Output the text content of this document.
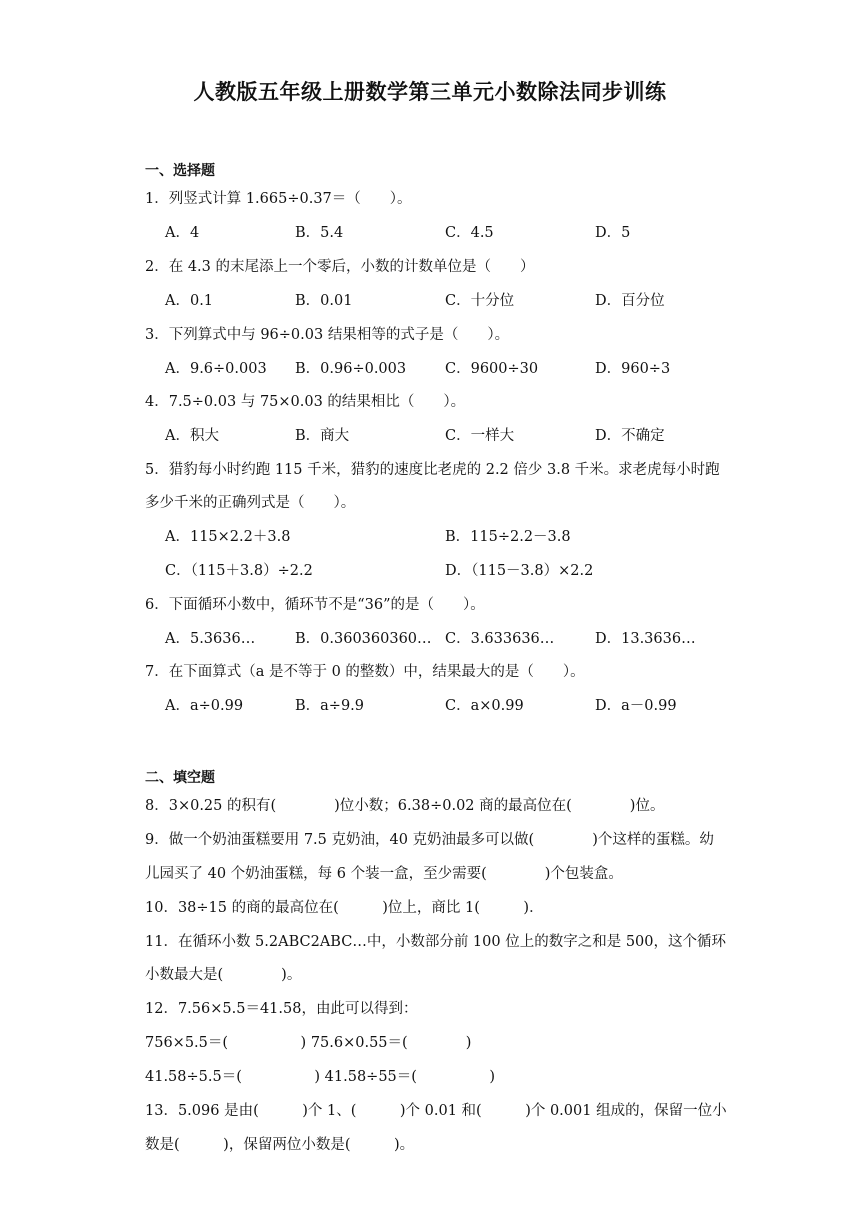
人教版五年级上册数学第三单元小数除法同步训练
一、选择题
1．列竖式计算 1.665÷0.37＝（　　）。
A．4	B．5.4	C．4.5	D．5
2．在 4.3 的末尾添上一个零后，小数的计数单位是（　　）
A．0.1	B．0.01	C．十分位	D．百分位
3．下列算式中与 96÷0.03 结果相等的式子是（　　）。
A．9.6÷0.003 B．0.96÷0.003	C．9600÷30	D．960÷3
4．7.5÷0.03 与 75×0.03 的结果相比（　　）。
A．积大	B．商大	C．一样大	D．不确定
5．猎豹每小时约跑 115 千米，猎豹的速度比老虎的 2.2 倍少 3.8 千米。求老虎每小时跑
多少千米的正确列式是（　　）。
A．115×2.2＋3.8	B．115÷2.2－3.8
C．（115＋3.8）÷2.2	D．（115－3.8）×2.2
6．下面循环小数中，循环节不是“36”的是（　　）。
A．5.3636…	B．0.360360360… C．3.633636…	D．13.3636…
7．在下面算式（a 是不等于 0 的整数）中，结果最大的是（　　）。
A．a÷0.99	B．a÷9.9	C．a×0.99	D．a－0.99
二、填空题
8．3×0.25 的积有(　　　　)位小数；6.38÷0.02 商的最高位在(　　　　)位。
9．做一个奶油蛋糕要用 7.5 克奶油，40 克奶油最多可以做(　　　　)个这样的蛋糕。幼
儿园买了 40 个奶油蛋糕，每 6 个装一盒，至少需要(　　　　)个包装盒。
10．38÷15 的商的最高位在(　　　)位上，商比 1(　　　)．
11．在循环小数 5.2ABC2ABC…中，小数部分前 100 位上的数字之和是 500，这个循环
小数最大是(　　　　)。
12．7.56×5.5＝41.58，由此可以得到：
756×5.5＝(　　　　　) 75.6×0.55＝(　　　　)
41.58÷5.5＝(　　　　　) 41.58÷55＝(　　　　　)
13．5.096 是由(　　　)个 1、(　　　)个 0.01 和(　　　)个 0.001 组成的，保留一位小
数是(　　　)，保留两位小数是(　　　)。
